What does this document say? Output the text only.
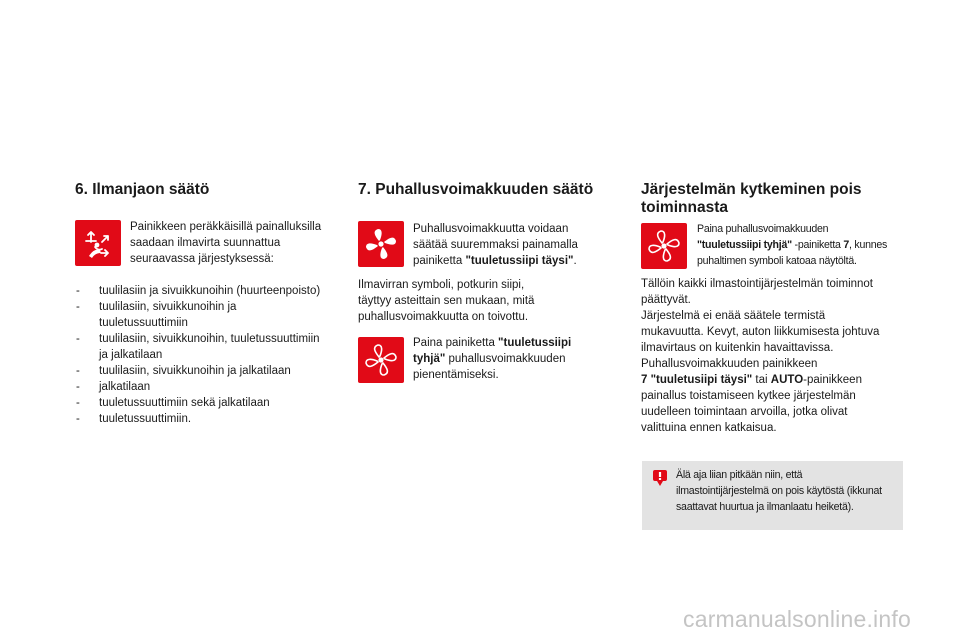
6. Ilmanjaon säätö
Painikkeen peräkkäisillä painalluksilla
saadaan ilmavirta suunnattua
seuraavassa järjestyksessä:
- tuulilasiin ja sivuikkunoihin (huurteenpoisto)
- tuulilasiin, sivuikkunoihin ja
tuuletussuuttimiin
- tuulilasiin, sivuikkunoihin, tuuletussuuttimiin
ja jalkatilaan
- tuulilasiin, sivuikkunoihin ja jalkatilaan
- jalkatilaan
- tuuletussuuttimiin sekä jalkatilaan
- tuuletussuuttimiin.
7. Puhallusvoimakkuuden säätö
Puhallusvoimakkuutta voidaan
säätää suuremmaksi painamalla
painiketta "tuuletussiipi täysi".
Ilmavirran symboli, potkurin siipi,
täyttyy asteittain sen mukaan, mitä
puhallusvoimakkuutta on toivottu.
Paina painiketta "tuuletussiipi
tyhjä" puhallusvoimakkuuden
pienentämiseksi.
Järjestelmän kytkeminen pois
toiminnasta
Paina puhallusvoimakkuuden
"tuuletussiipi tyhjä" -painiketta 7, kunnes
puhaltimen symboli katoaa näytöltä.
Tällöin kaikki ilmastointijärjestelmän toiminnot
päättyvät.
Järjestelmä ei enää säätele termistä
mukavuutta. Kevyt, auton liikkumisesta johtuva
ilmavirtaus on kuitenkin havaittavissa.
Puhallusvoimakkuuden painikkeen
7 "tuuletusiipi täysi" tai AUTO-painikkeen
painallus toistamiseen kytkee järjestelmän
uudelleen toimintaan arvoilla, jotka olivat
valittuina ennen katkaisua.
Älä aja liian pitkään niin, että
ilmastointijärjestelmä on pois käytöstä (ikkunat
saattavat huurtua ja ilmanlaatu heiketä).
carmanualsonline.info
